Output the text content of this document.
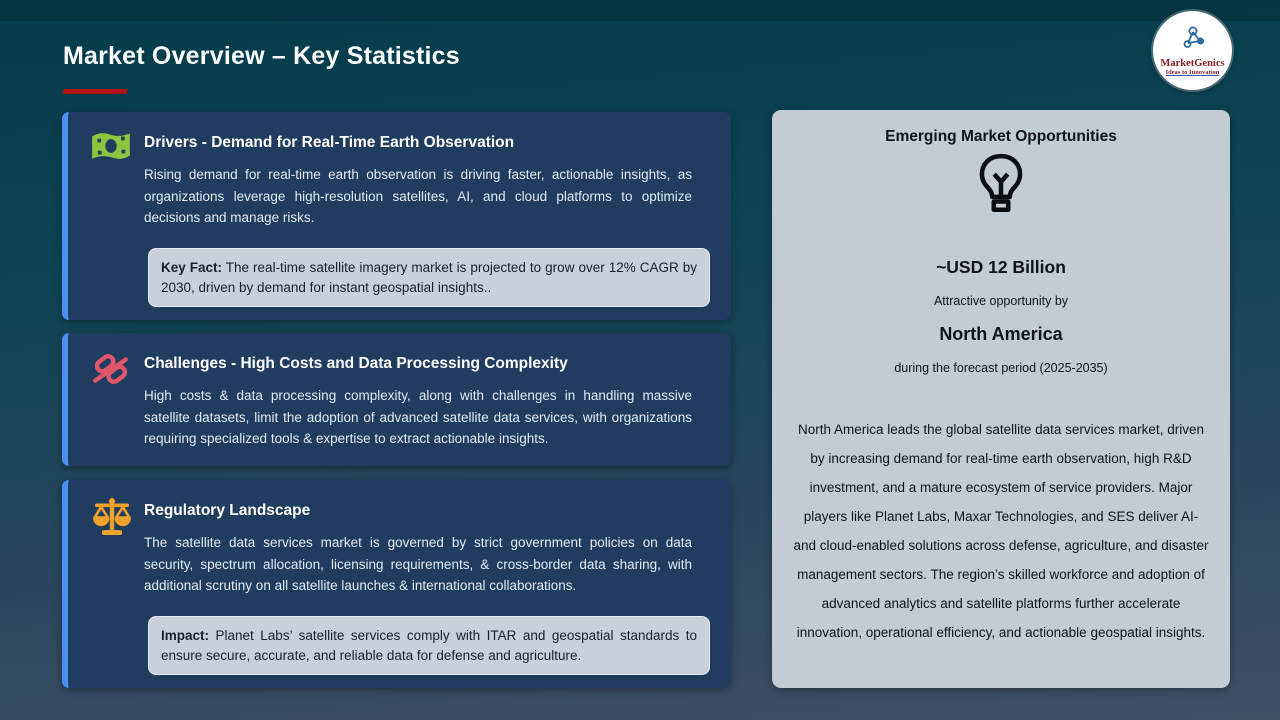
Market Overview – Key Statistics	MarketGenics
Ideas to Innovation
Drivers - Demand for Real-Time Earth Observation
Rising demand for real-time earth observation is driving faster, actionable insights, as organizations leverage high-resolution satellites, AI, and cloud platforms to optimize decisions and manage risks.
Key Fact: The real-time satellite imagery market is projected to grow over 12% CAGR by 2030, driven by demand for instant geospatial insights..
Challenges - High Costs and Data Processing Complexity
High costs & data processing complexity, along with challenges in handling massive satellite datasets, limit the adoption of advanced satellite data services, with organizations requiring specialized tools & expertise to extract actionable insights.
Regulatory Landscape
The satellite data services market is governed by strict government policies on data security, spectrum allocation, licensing requirements, & cross-border data sharing, with additional scrutiny on all satellite launches & international collaborations.
Impact: Planet Labs’ satellite services comply with ITAR and geospatial standards to ensure secure, accurate, and reliable data for defense and agriculture.
Emerging Market Opportunities
~USD 12 Billion
Attractive opportunity by
North America
during the forecast period (2025-2035)
North America leads the global satellite data services market, driven by increasing demand for real-time earth observation, high R&D investment, and a mature ecosystem of service providers. Major players like Planet Labs, Maxar Technologies, and SES deliver AI- and cloud-enabled solutions across defense, agriculture, and disaster management sectors. The region’s skilled workforce and adoption of advanced analytics and satellite platforms further accelerate innovation, operational efficiency, and actionable geospatial insights.
